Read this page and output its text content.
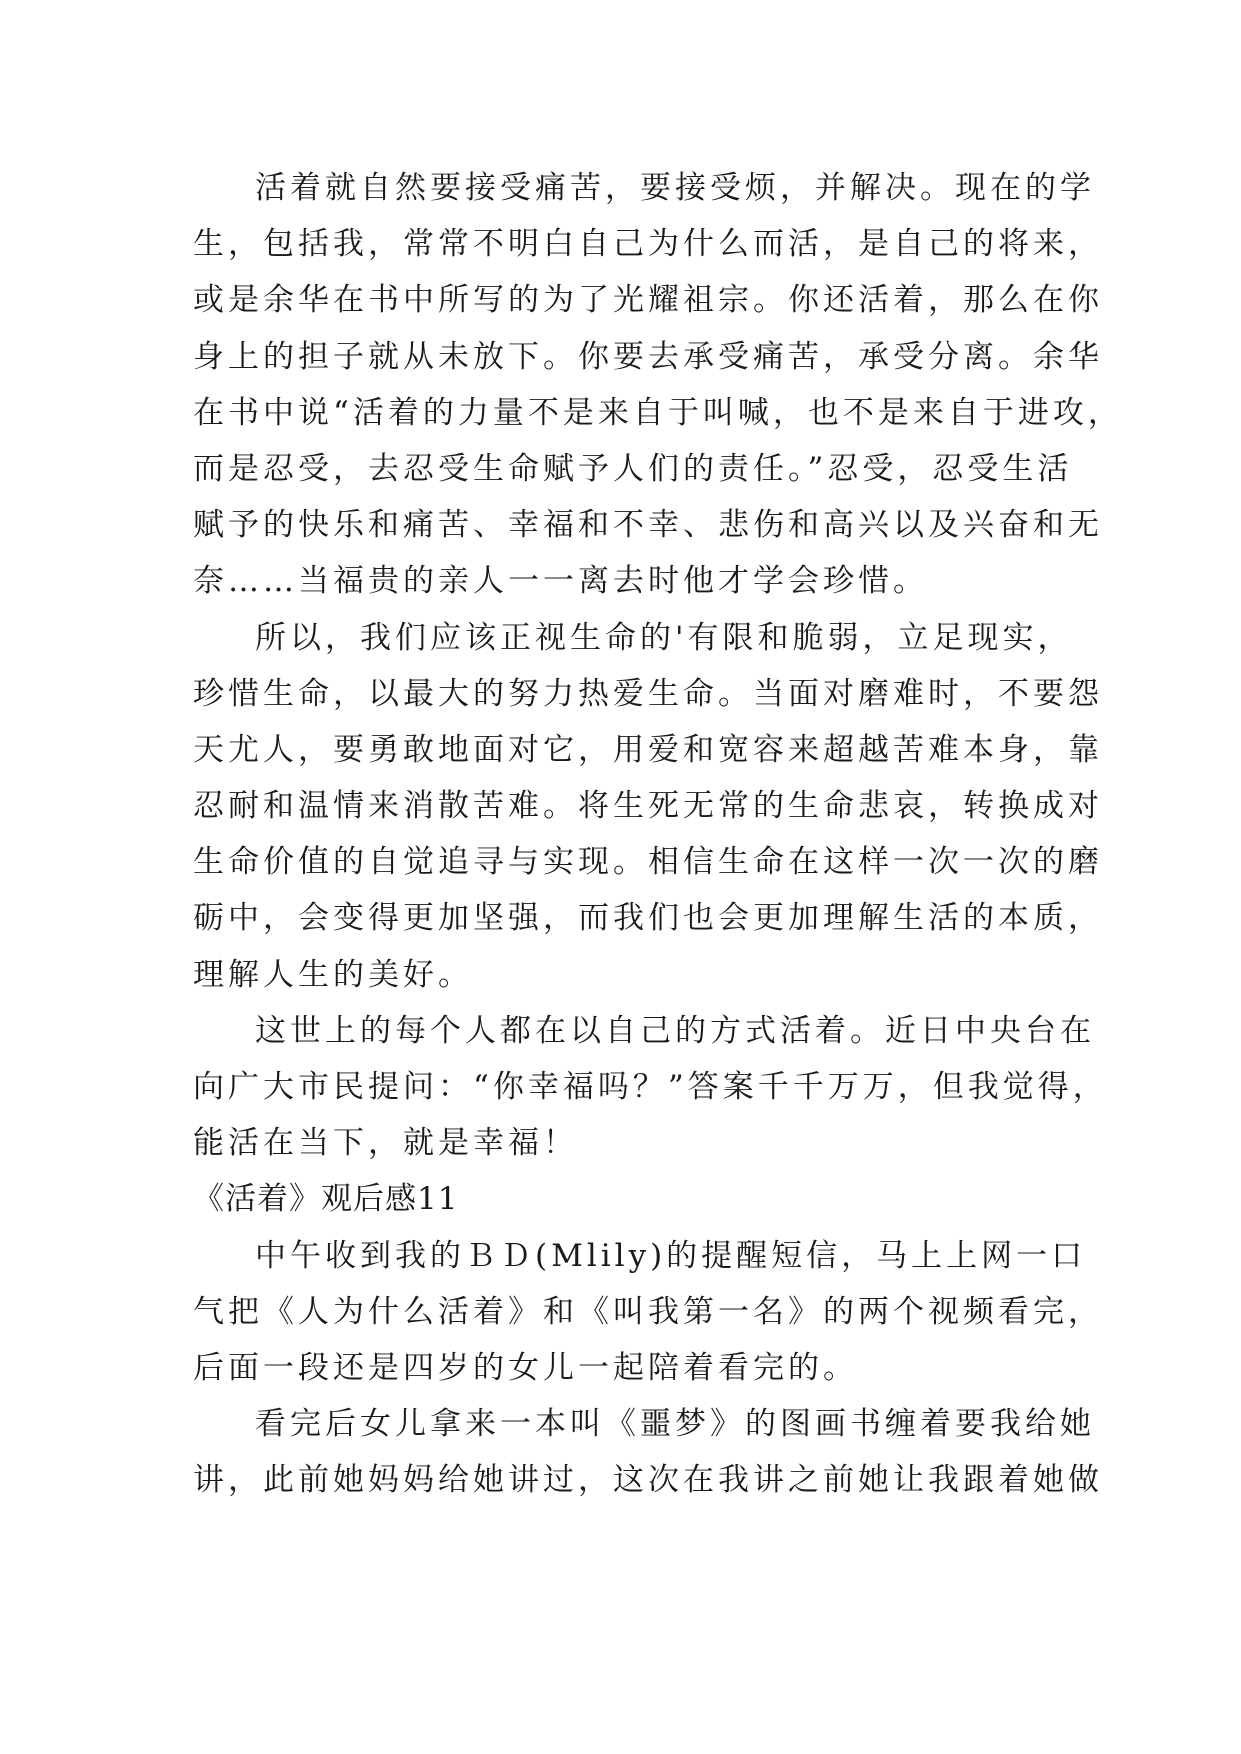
活着就自然要接受痛苦，要接受烦，并解决。现在的学
生，包括我，常常不明白自己为什么而活，是自己的将来，
或是余华在书中所写的为了光耀祖宗。你还活着，那么在你
身上的担子就从未放下。你要去承受痛苦，承受分离。余华
在书中说“活着的力量不是来自于叫喊，也不是来自于进攻，
而是忍受，去忍受生命赋予人们的责任。”忍受，忍受生活
赋予的快乐和痛苦、幸福和不幸、悲伤和高兴以及兴奋和无
奈……当福贵的亲人一一离去时他才学会珍惜。
所以，我们应该正视生命的'有限和脆弱，立足现实，
珍惜生命，以最大的努力热爱生命。当面对磨难时，不要怨
天尤人，要勇敢地面对它，用爱和宽容来超越苦难本身，靠
忍耐和温情来消散苦难。将生死无常的生命悲哀，转换成对
生命价值的自觉追寻与实现。相信生命在这样一次一次的磨
砺中，会变得更加坚强，而我们也会更加理解生活的本质，
理解人生的美好。
这世上的每个人都在以自己的方式活着。近日中央台在
向广大市民提问：“你幸福吗？”答案千千万万，但我觉得，
能活在当下，就是幸福！
《活着》观后感11
中午收到我的ＢＤ(Mlily)的提醒短信，马上上网一口
气把《人为什么活着》和《叫我第一名》的两个视频看完，
后面一段还是四岁的女儿一起陪着看完的。
看完后女儿拿来一本叫《噩梦》的图画书缠着要我给她
讲，此前她妈妈给她讲过，这次在我讲之前她让我跟着她做
